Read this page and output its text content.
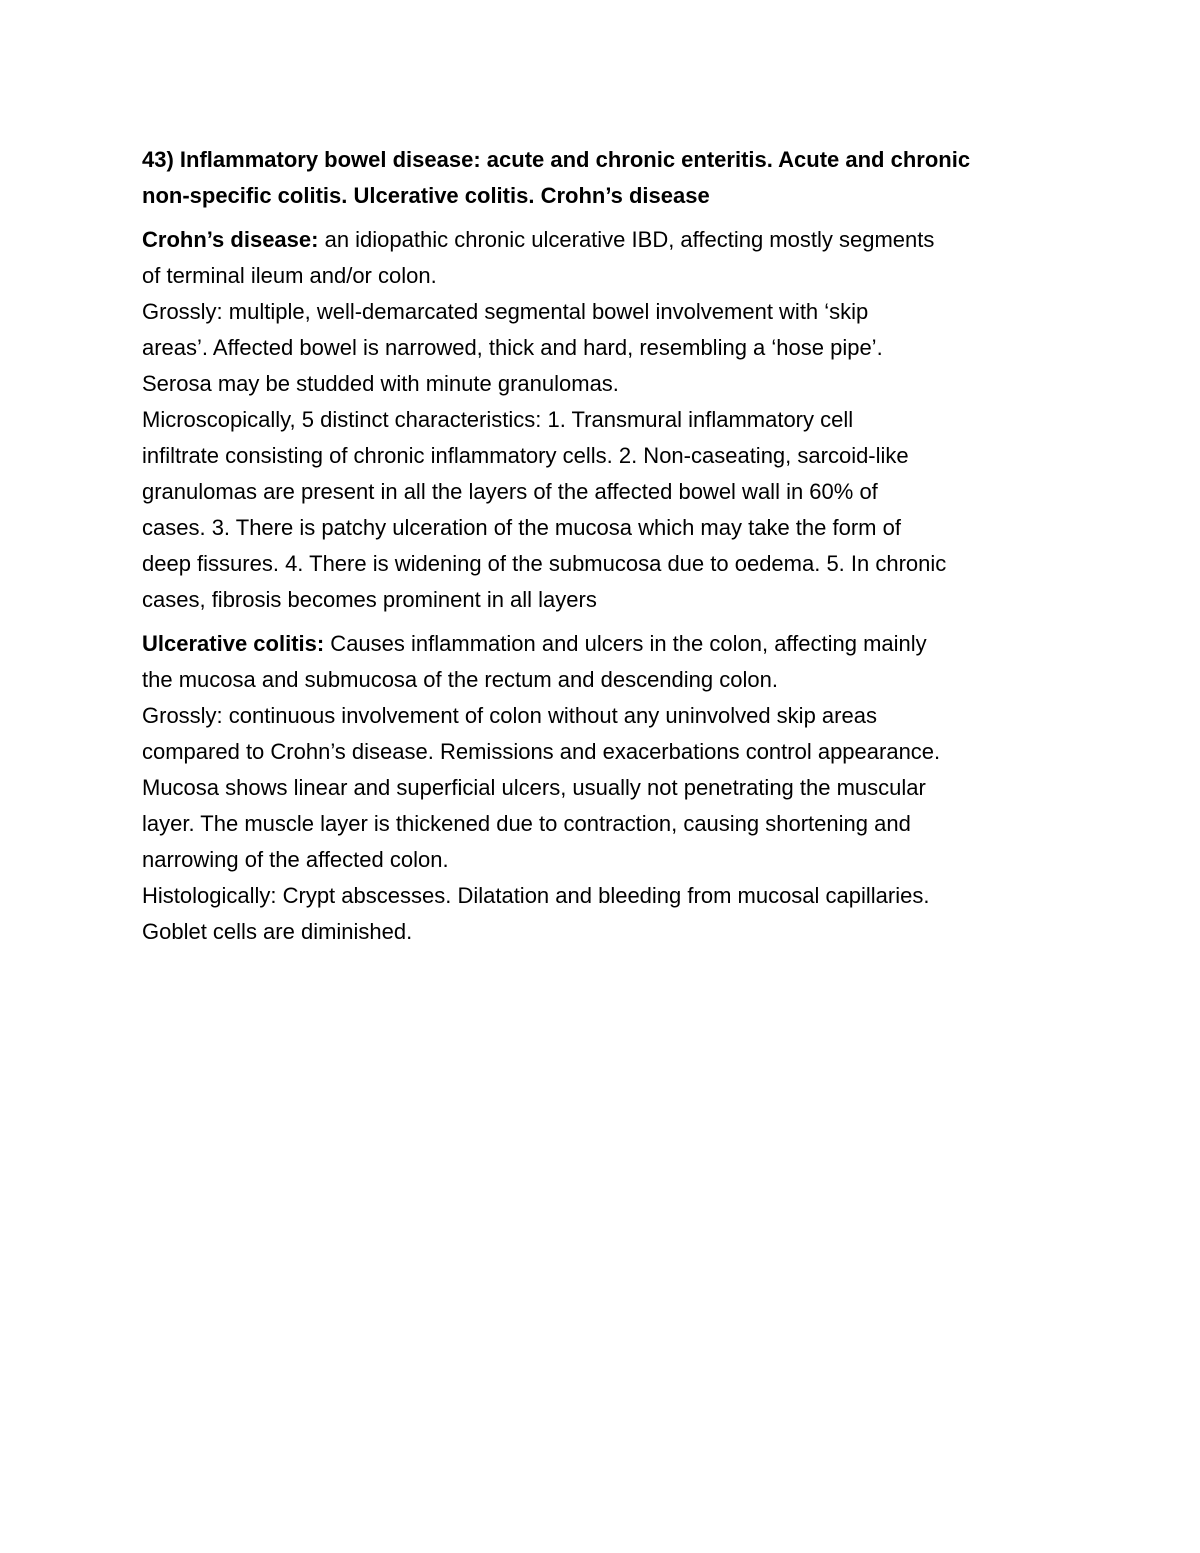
43) Inflammatory bowel disease: acute and chronic enteritis. Acute and chronic
non-specific colitis. Ulcerative colitis. Crohn’s disease
Crohn’s disease: an idiopathic chronic ulcerative IBD, affecting mostly segments
of terminal ileum and/or colon.
Grossly: multiple, well-demarcated segmental bowel involvement with ‘skip
areas’. Affected bowel is narrowed, thick and hard, resembling a ‘hose pipe’.
Serosa may be studded with minute granulomas.
Microscopically, 5 distinct characteristics: 1. Transmural inflammatory cell
infiltrate consisting of chronic inflammatory cells. 2. Non-caseating, sarcoid-like
granulomas are present in all the layers of the affected bowel wall in 60% of
cases. 3. There is patchy ulceration of the mucosa which may take the form of
deep fissures. 4. There is widening of the submucosa due to oedema. 5. In chronic
cases, fibrosis becomes prominent in all layers
Ulcerative colitis: Causes inflammation and ulcers in the colon, affecting mainly
the mucosa and submucosa of the rectum and descending colon.
Grossly: continuous involvement of colon without any uninvolved skip areas
compared to Crohn’s disease. Remissions and exacerbations control appearance.
Mucosa shows linear and superficial ulcers, usually not penetrating the muscular
layer. The muscle layer is thickened due to contraction, causing shortening and
narrowing of the affected colon.
Histologically: Crypt abscesses. Dilatation and bleeding from mucosal capillaries.
Goblet cells are diminished.
